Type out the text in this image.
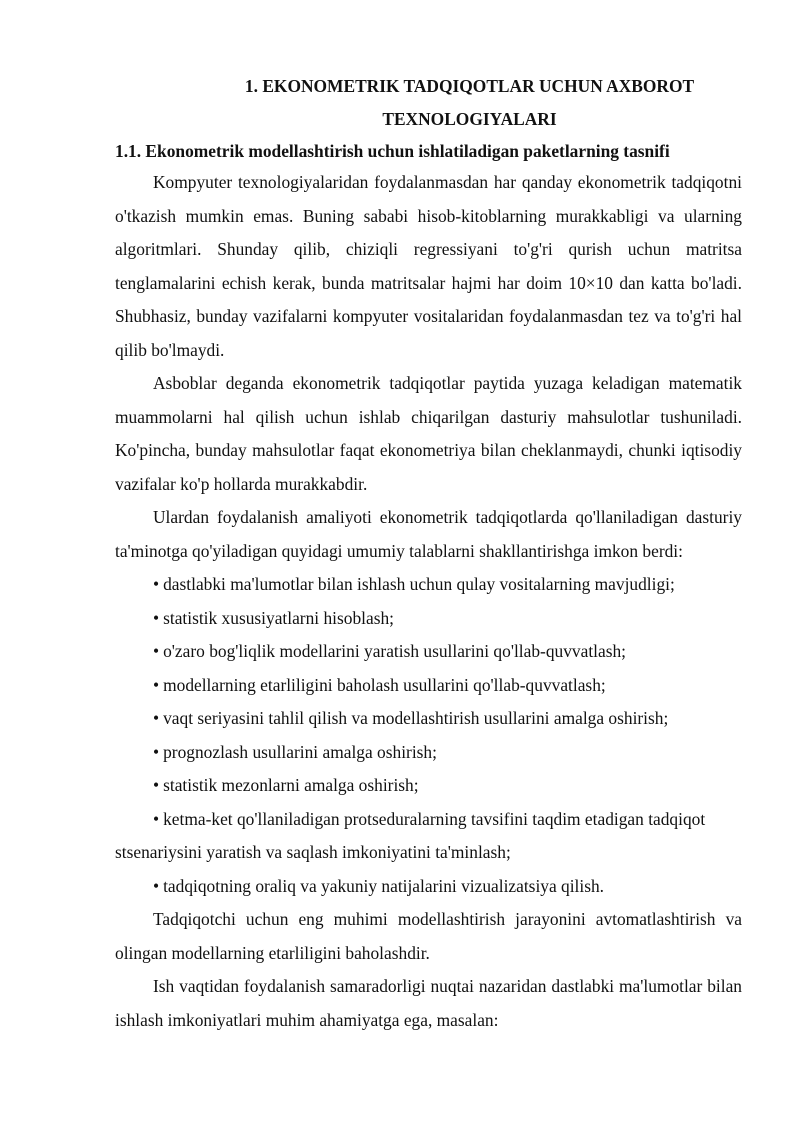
1. EKONOMETRIK TADQIQOTLAR UCHUN AXBOROT
TEXNOLOGIYALARI
1.1. Ekonometrik modellashtirish uchun ishlatiladigan paketlarning tasnifi

Kompyuter texnologiyalaridan foydalanmasdan har qanday ekonometrik tadqiqotni o'tkazish mumkin emas. Buning sababi hisob-kitoblarning murakkabligi va ularning algoritmlari. Shunday qilib, chiziqli regressiyani to'g'ri qurish uchun matritsa tenglamalarini echish kerak, bunda matritsalar hajmi har doim 10×10 dan katta bo'ladi. Shubhasiz, bunday vazifalarni kompyuter vositalaridan foydalanmasdan tez va to'g'ri hal qilib bo'lmaydi.

Asboblar deganda ekonometrik tadqiqotlar paytida yuzaga keladigan matematik muammolarni hal qilish uchun ishlab chiqarilgan dasturiy mahsulotlar tushuniladi. Ko'pincha, bunday mahsulotlar faqat ekonometriya bilan cheklanmaydi, chunki iqtisodiy vazifalar ko'p hollarda murakkabdir.

Ulardan foydalanish amaliyoti ekonometrik tadqiqotlarda qo'llaniladigan dasturiy ta'minotga qo'yiladigan quyidagi umumiy talablarni shakllantirishga imkon berdi:

• dastlabki ma'lumotlar bilan ishlash uchun qulay vositalarning mavjudligi;
• statistik xususiyatlarni hisoblash;
• o'zaro bog'liqlik modellarini yaratish usullarini qo'llab-quvvatlash;
• modellarning etarliligini baholash usullarini qo'llab-quvvatlash;
• vaqt seriyasini tahlil qilish va modellashtirish usullarini amalga oshirish;
• prognozlash usullarini amalga oshirish;
• statistik mezonlarni amalga oshirish;
• ketma-ket qo'llaniladigan protseduralarning tavsifini taqdim etadigan tadqiqot stsenariysini yaratish va saqlash imkoniyatini ta'minlash;
• tadqiqotning oraliq va yakuniy natijalarini vizualizatsiya qilish.

Tadqiqotchi uchun eng muhimi modellashtirish jarayonini avtomatlashtirish va olingan modellarning etarliligini baholashdir.

Ish vaqtidan foydalanish samaradorligi nuqtai nazaridan dastlabki ma'lumotlar bilan ishlash imkoniyatlari muhim ahamiyatga ega, masalan:
